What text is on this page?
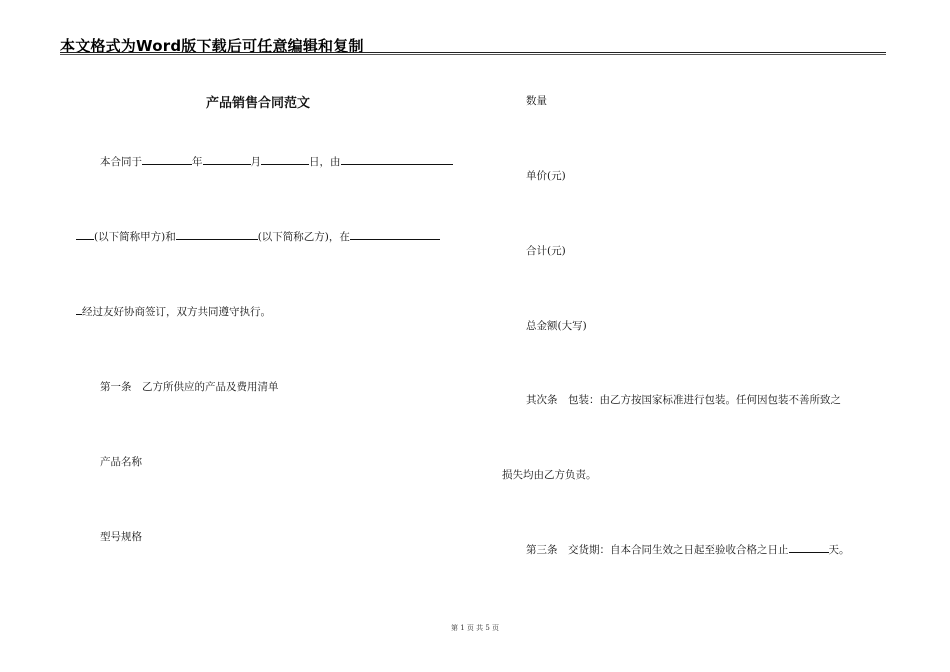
本文格式为Word版下载后可任意编辑和复制
产品销售合同范文
本合同于	年	月	日，由
(以下简称甲方)和	(以下简称乙方)，在
经过友好协商签订，双方共同遵守执行。
第一条　乙方所供应的产品及费用清单
产品名称
型号规格
数量
单价(元)
合计(元)
总金额(大写)
其次条　包装：由乙方按国家标准进行包装。任何因包装不善所致之
损失均由乙方负责。
第三条　交货期：自本合同生效之日起至验收合格之日止	天。
第 1 页 共 5 页
